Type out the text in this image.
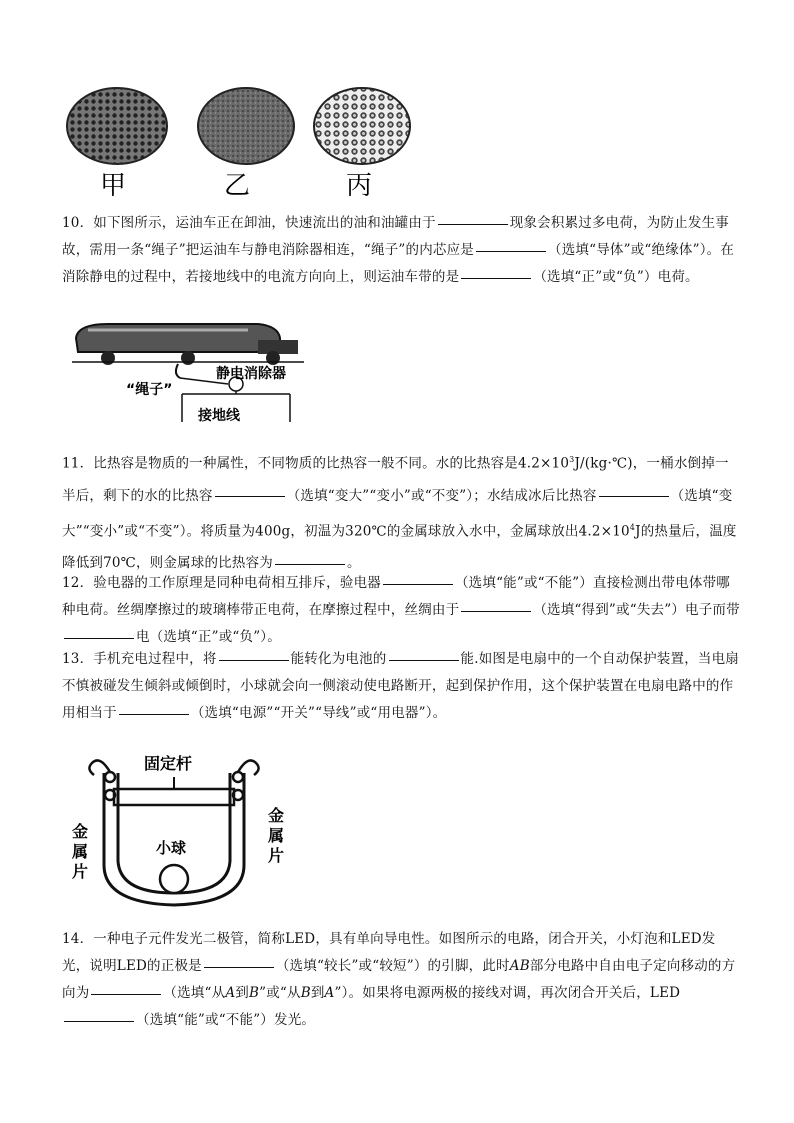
甲	乙	丙

10．如下图所示，运油车正在卸油，快速流出的油和油罐由于	现象会积累过多电荷，为防止发生事故，需用一条“绳子”把运油车与静电消除器相连，“绳子”的内芯应是	（选填“导体”或“绝缘体”）。在消除静电的过程中，若接地线中的电流方向向上，则运油车带的是	（选填“正”或“负”）电荷。

“绳子”
静电消除器
接地线

11．比热容是物质的一种属性，不同物质的比热容一般不同。水的比热容是$4.2\times 10^3J/(kg\cdot℃)$，一桶水倒掉一半后，剩下的水的比热容	（选填“变大”“变小”或“不变”）；水结成冰后比热容	（选填“变大”“变小”或“不变”）。将质量为400g，初温为320℃的金属球放入水中，金属球放出$4.2\times 10^4J$的热量后，温度降低到70℃，则金属球的比热容为	。

12．验电器的工作原理是同种电荷相互排斥，验电器	（选填“能”或“不能”）直接检测出带电体带哪种电荷。丝绸摩擦过的玻璃棒带正电荷，在摩擦过程中，丝绸由于	（选填“得到”或“失去”）电子而带电（选填“正”或“负”）。

13．手机充电过程中，将	能转化为电池的	能.如图是电扇中的一个自动保护装置，当电扇不慎被碰发生倾斜或倾倒时，小球就会向一侧滚动使电路断开，起到保护作用，这个保护装置在电扇电路中的作用相当于	（选填“电源”“开关”“导线”或“用电器”）。

固定杆
小球
金
属
片
金
属
片

14．一种电子元件发光二极管，简称LED，具有单向导电性。如图所示的电路，闭合开关，小灯泡和LED发光，说明LED的正极是	（选填“较长”或“较短”）的引脚，此时AB部分电路中自由电子定向移动的方向为	（选填“从A到B”或“从B到A”）。如果将电源两极的接线对调，再次闭合开关后，LED（选填“能”或“不能”）发光。
